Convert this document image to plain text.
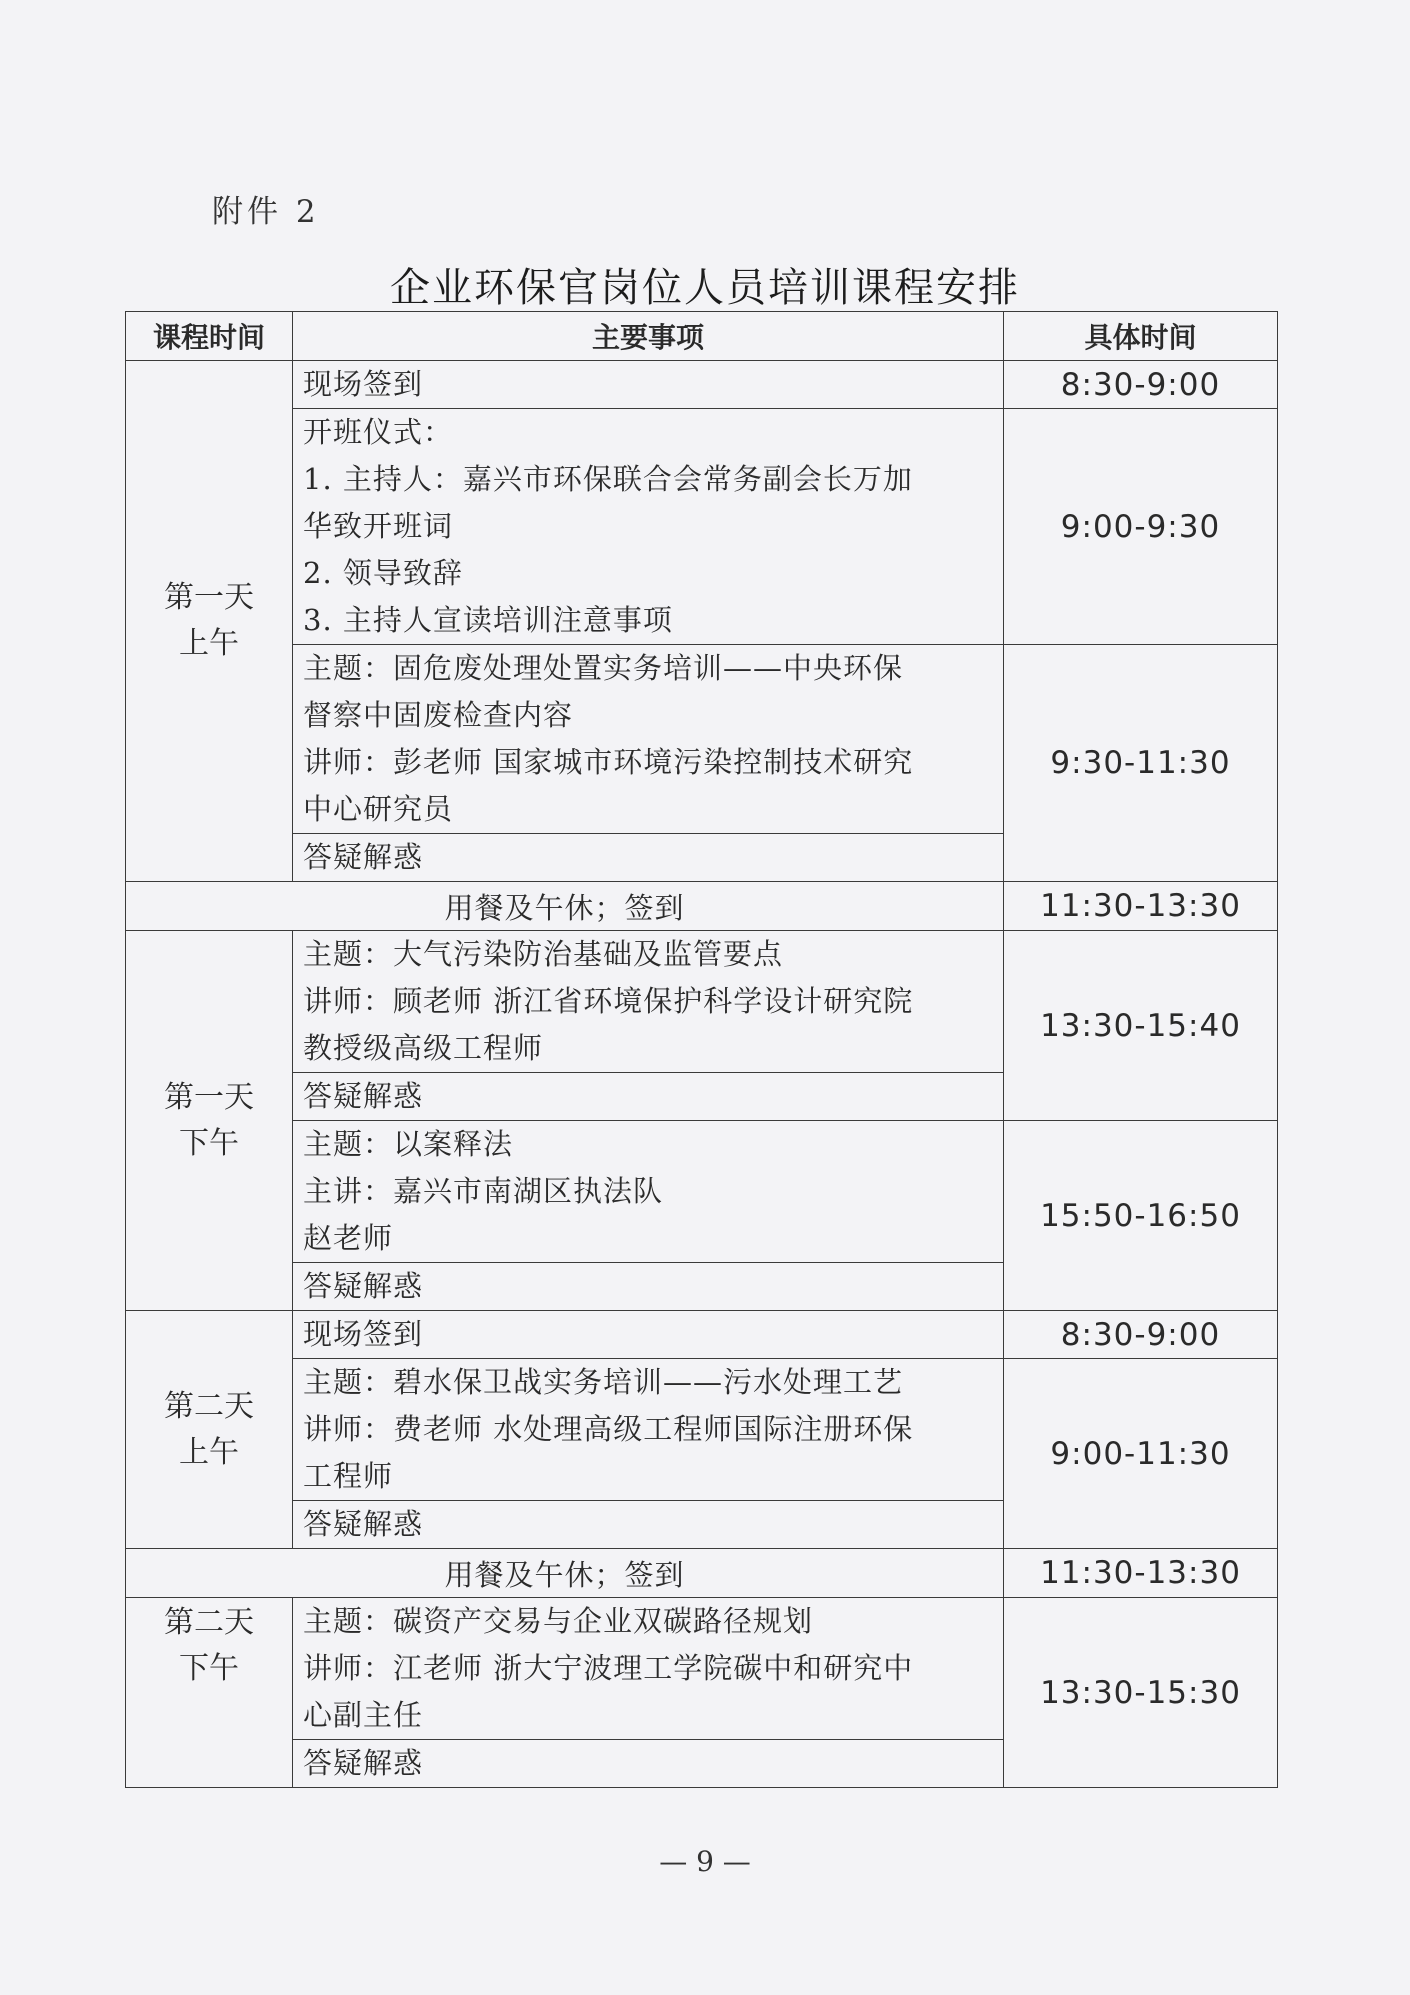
附件 2
企业环保官岗位人员培训课程安排
课程时间	主要事项	具体时间

第一天
上午	现场签到	8:30-9:00

	开班仪式：
1. 主持人：嘉兴市环保联合会常务副会长万加
华致开班词
2. 领导致辞
3. 主持人宣读培训注意事项	9:00-9:30

	主题：固危废处理处置实务培训——中央环保
督察中固废检查内容
讲师：彭老师 国家城市环境污染控制技术研究
中心研究员	9:30-11:30
	答疑解惑	
用餐及午休；签到		11:30-13:30

第一天
下午	主题：大气污染防治基础及监管要点
讲师：顾老师 浙江省环境保护科学设计研究院
教授级高级工程师	13:30-15:40
	答疑解惑	

	主题：以案释法
主讲：嘉兴市南湖区执法队
赵老师	15:50-16:50
	答疑解惑	

第二天
上午	现场签到	8:30-9:00

	主题：碧水保卫战实务培训——污水处理工艺
讲师：费老师 水处理高级工程师国际注册环保
工程师	9:00-11:30
	答疑解惑	
用餐及午休；签到		11:30-13:30

第二天
下午	主题：碳资产交易与企业双碳路径规划
讲师：江老师 浙大宁波理工学院碳中和研究中
心副主任	13:30-15:30
	答疑解惑	
— 9 —
